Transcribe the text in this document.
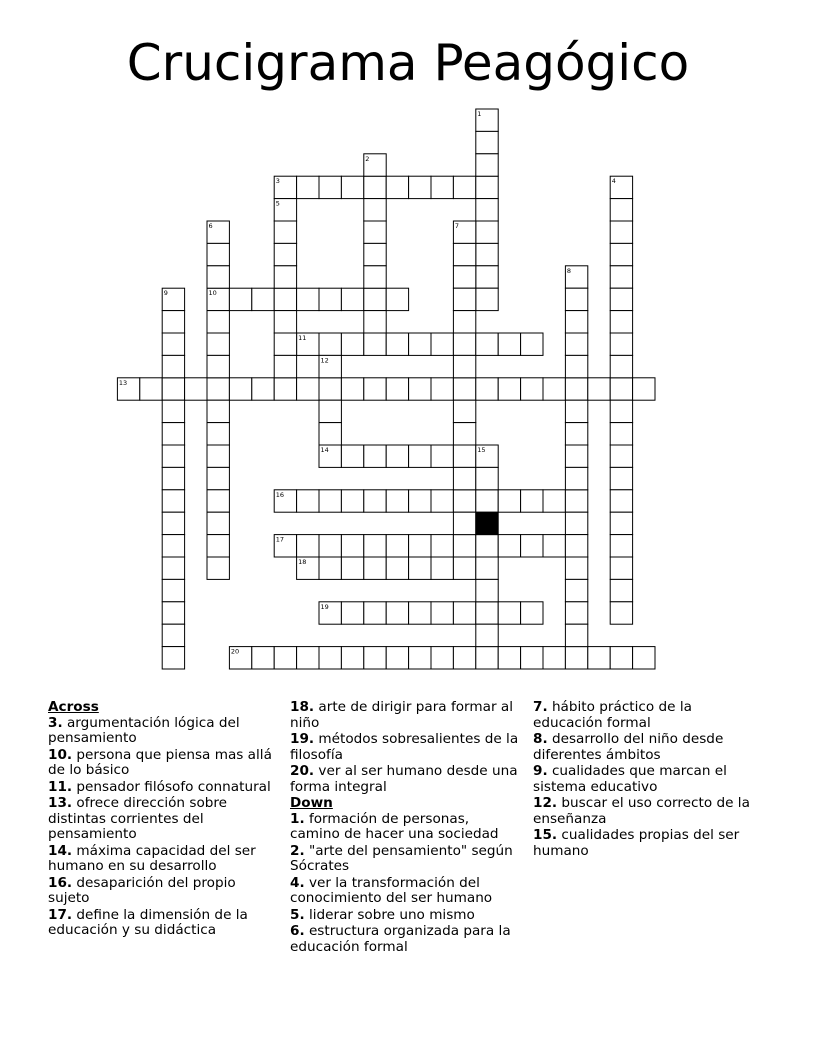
Crucigrama Peagógico
3
10
11
13
14
16
17
18
19
20
1
2
4
5
6	7
8
9
12
15
Across
3. argumentación lógica del pensamiento
10. persona que piensa mas allá de lo básico
11. pensador filósofo connatural
13. ofrece dirección sobre distintas corrientes del pensamiento
14. máxima capacidad del ser humano en su desarrollo
16. desaparición del propio sujeto
17. define la dimensión de la educación y su didáctica
18. arte de dirigir para formar al niño
19. métodos sobresalientes de la filosofía
20. ver al ser humano desde una forma integral
Down
1. formación de personas, camino de hacer una sociedad
2. "arte del pensamiento" según Sócrates
4. ver la transformación del conocimiento del ser humano
5. liderar sobre uno mismo
6. estructura organizada para la educación formal
7. hábito práctico de la educación formal
8. desarrollo del niño desde diferentes ámbitos
9. cualidades que marcan el sistema educativo
12. buscar el uso correcto de la enseñanza
15. cualidades propias del ser humano
